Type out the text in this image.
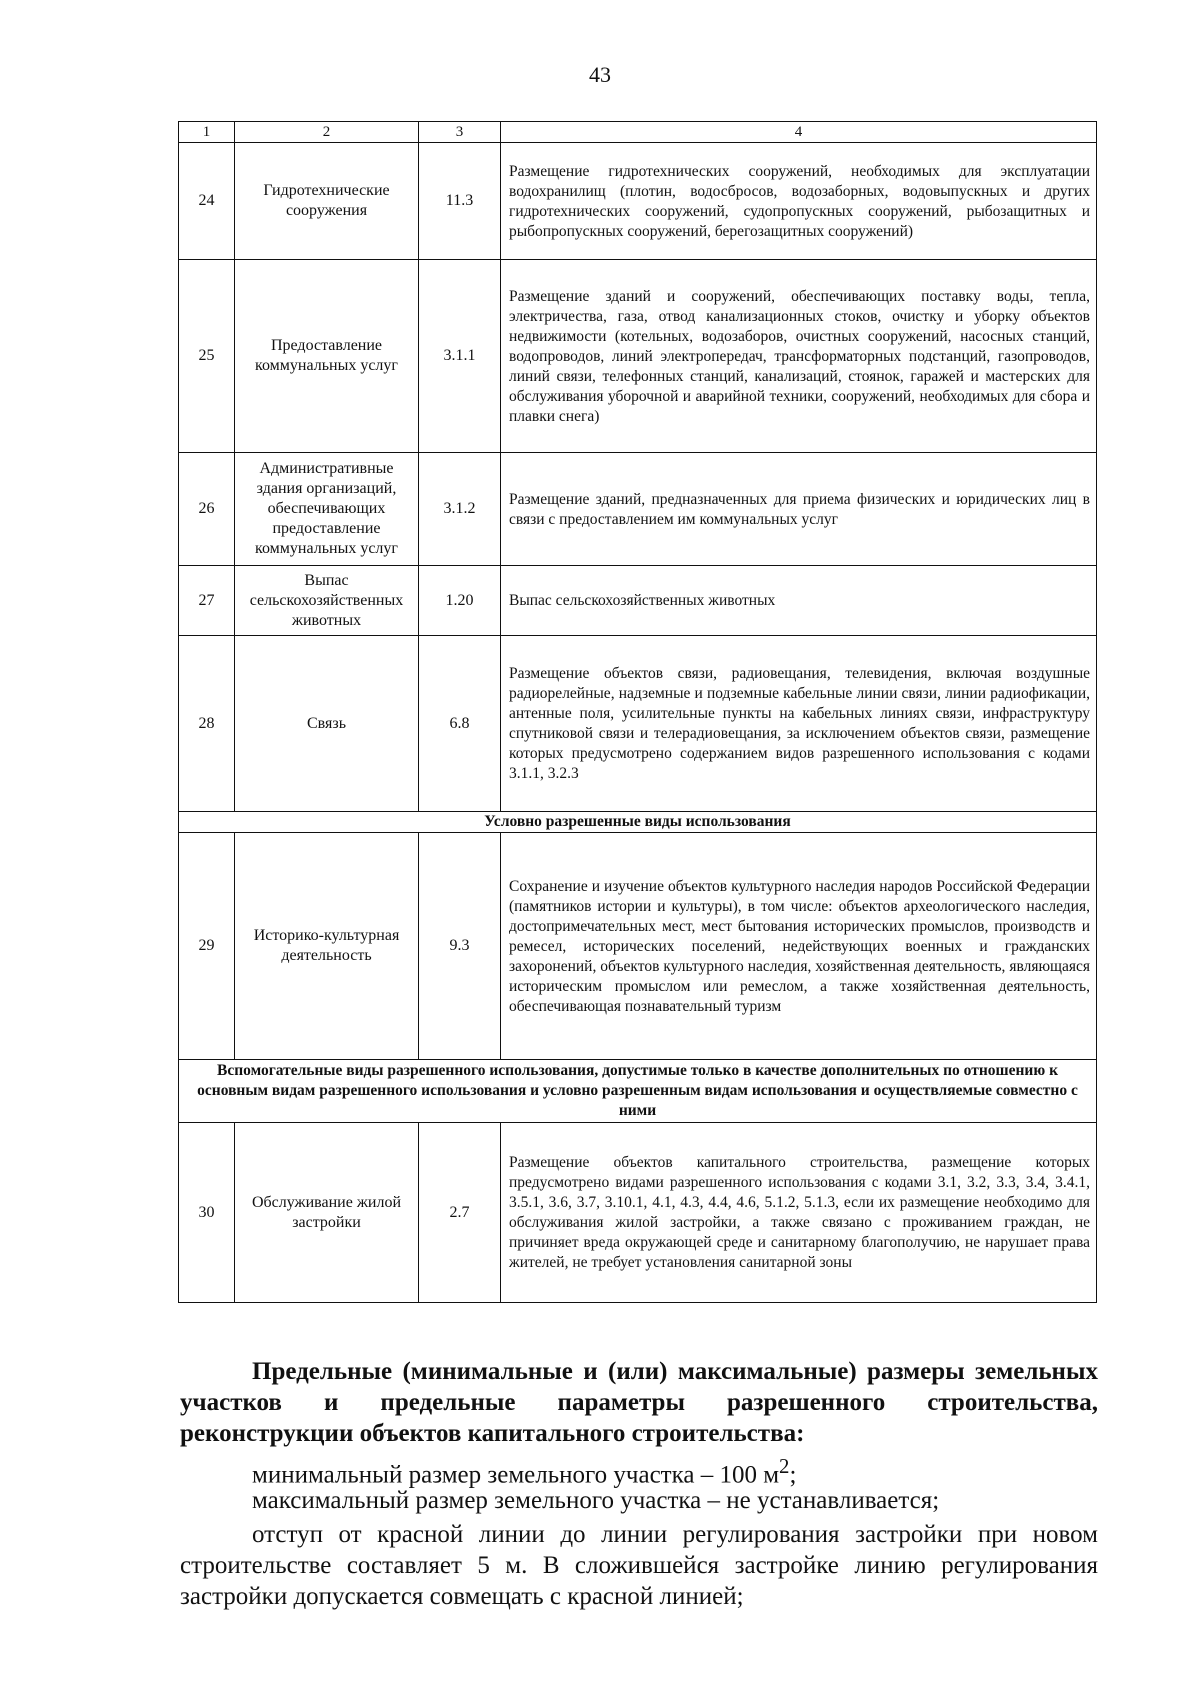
43
1	2	3	4
24	Гидротехнические сооружения	11.3	Размещение гидротехнических сооружений, необходимых для эксплуатации водохранилищ (плотин, водосбросов, водозаборных, водовыпускных и других гидротехнических сооружений, судопропускных сооружений, рыбозащитных и рыбопропускных сооружений, берегозащитных сооружений)
25	Предоставление коммунальных услуг	3.1.1	Размещение зданий и сооружений, обеспечивающих поставку воды, тепла, электричества, газа, отвод канализационных стоков, очистку и уборку объектов недвижимости (котельных, водозаборов, очистных сооружений, насосных станций, водопроводов, линий электропередач, трансформаторных подстанций, газопроводов, линий связи, телефонных станций, канализаций, стоянок, гаражей и мастерских для обслуживания уборочной и аварийной техники, сооружений, необходимых для сбора и плавки снега)
26	Административные здания организаций, обеспечивающих предоставление коммунальных услуг	3.1.2	Размещение зданий, предназначенных для приема физических и юридических лиц в связи с предоставлением им коммунальных услуг
27	Выпас сельскохозяйственных животных	1.20	Выпас сельскохозяйственных животных
28	Связь	6.8	Размещение объектов связи, радиовещания, телевидения, включая воздушные радиорелейные, надземные и подземные кабельные линии связи, линии радиофикации, антенные поля, усилительные пункты на кабельных линиях связи, инфраструктуру спутниковой связи и телерадиовещания, за исключением объектов связи, размещение которых предусмотрено содержанием видов разрешенного использования с кодами 3.1.1, 3.2.3
Условно разрешенные виды использования			
29	Историко-культурная деятельность	9.3	Сохранение и изучение объектов культурного наследия народов Российской Федерации (памятников истории и культуры), в том числе: объектов археологического наследия, достопримечательных мест, мест бытования исторических промыслов, производств и ремесел, исторических поселений, недействующих военных и гражданских захоронений, объектов культурного наследия, хозяйственная деятельность, являющаяся историческим промыслом или ремеслом, а также хозяйственная деятельность, обеспечивающая познавательный туризм
Вспомогательные виды разрешенного использования, допустимые только в качестве дополнительных по отношению к основным видам разрешенного использования и условно разрешенным видам использования и осуществляемые совместно с ними			
30	Обслуживание жилой застройки	2.7	Размещение объектов капитального строительства, размещение которых предусмотрено видами разрешенного использования с кодами 3.1, 3.2, 3.3, 3.4, 3.4.1, 3.5.1, 3.6, 3.7, 3.10.1, 4.1, 4.3, 4.4, 4.6, 5.1.2, 5.1.3, если их размещение необходимо для обслуживания жилой застройки, а также связано с проживанием граждан, не причиняет вреда окружающей среде и санитарному благополучию, не нарушает права жителей, не требует установления санитарной зоны
Предельные (минимальные и (или) максимальные) размеры земельных участков и предельные параметры разрешенного строительства, реконструкции объектов капитального строительства:
минимальный размер земельного участка – 100 $м^2$;
максимальный размер земельного участка – не устанавливается;
отступ от красной линии до линии регулирования застройки при новом строительстве составляет 5 м. В сложившейся застройке линию регулирования застройки допускается совмещать с красной линией;
